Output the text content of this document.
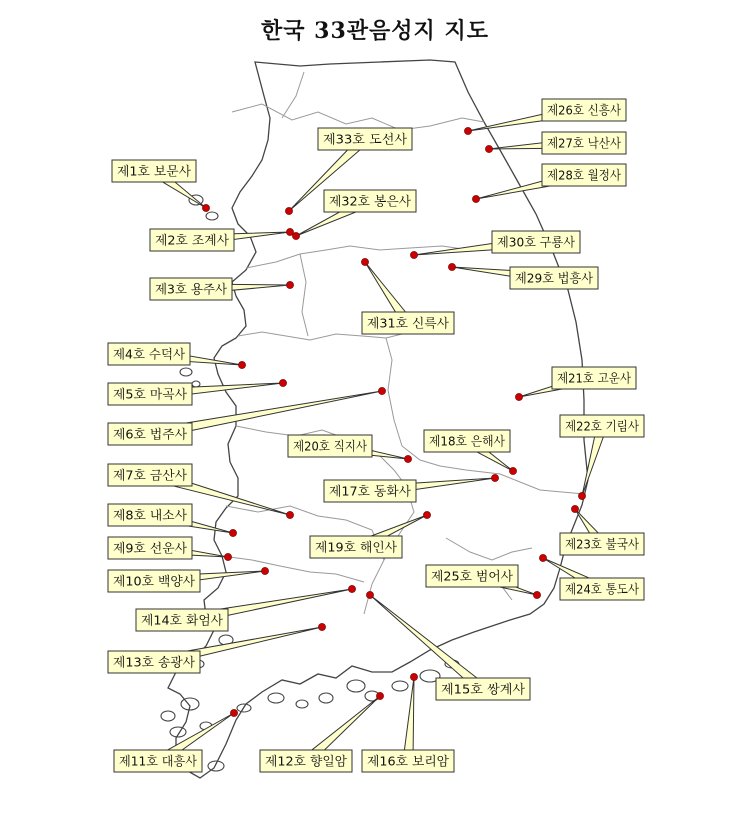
한국 33관음성지 지도
제1호 보문사
제2호 조계사
제3호 용주사
제4호 수덕사
제5호 마곡사
제6호 법주사
제7호 금산사
제8호 내소사
제9호 선운사
제10호 백양사
제11호 대흥사	제12호 향일암
제13호 송광사
제14호 화엄사
제15호 쌍계사
제16호 보리암
제17호 동화사
제18호 은해사
제19호 해인사
제20호 직지사
제21호 고운사
제22호 기림사
제23호 불국사
제24호 통도사
제25호 범어사
제26호 신흥사
제27호 낙산사
제28호 월정사
제29호 법흥사
제30호 구룡사
제31호 신륵사
제32호 봉은사
제33호 도선사
